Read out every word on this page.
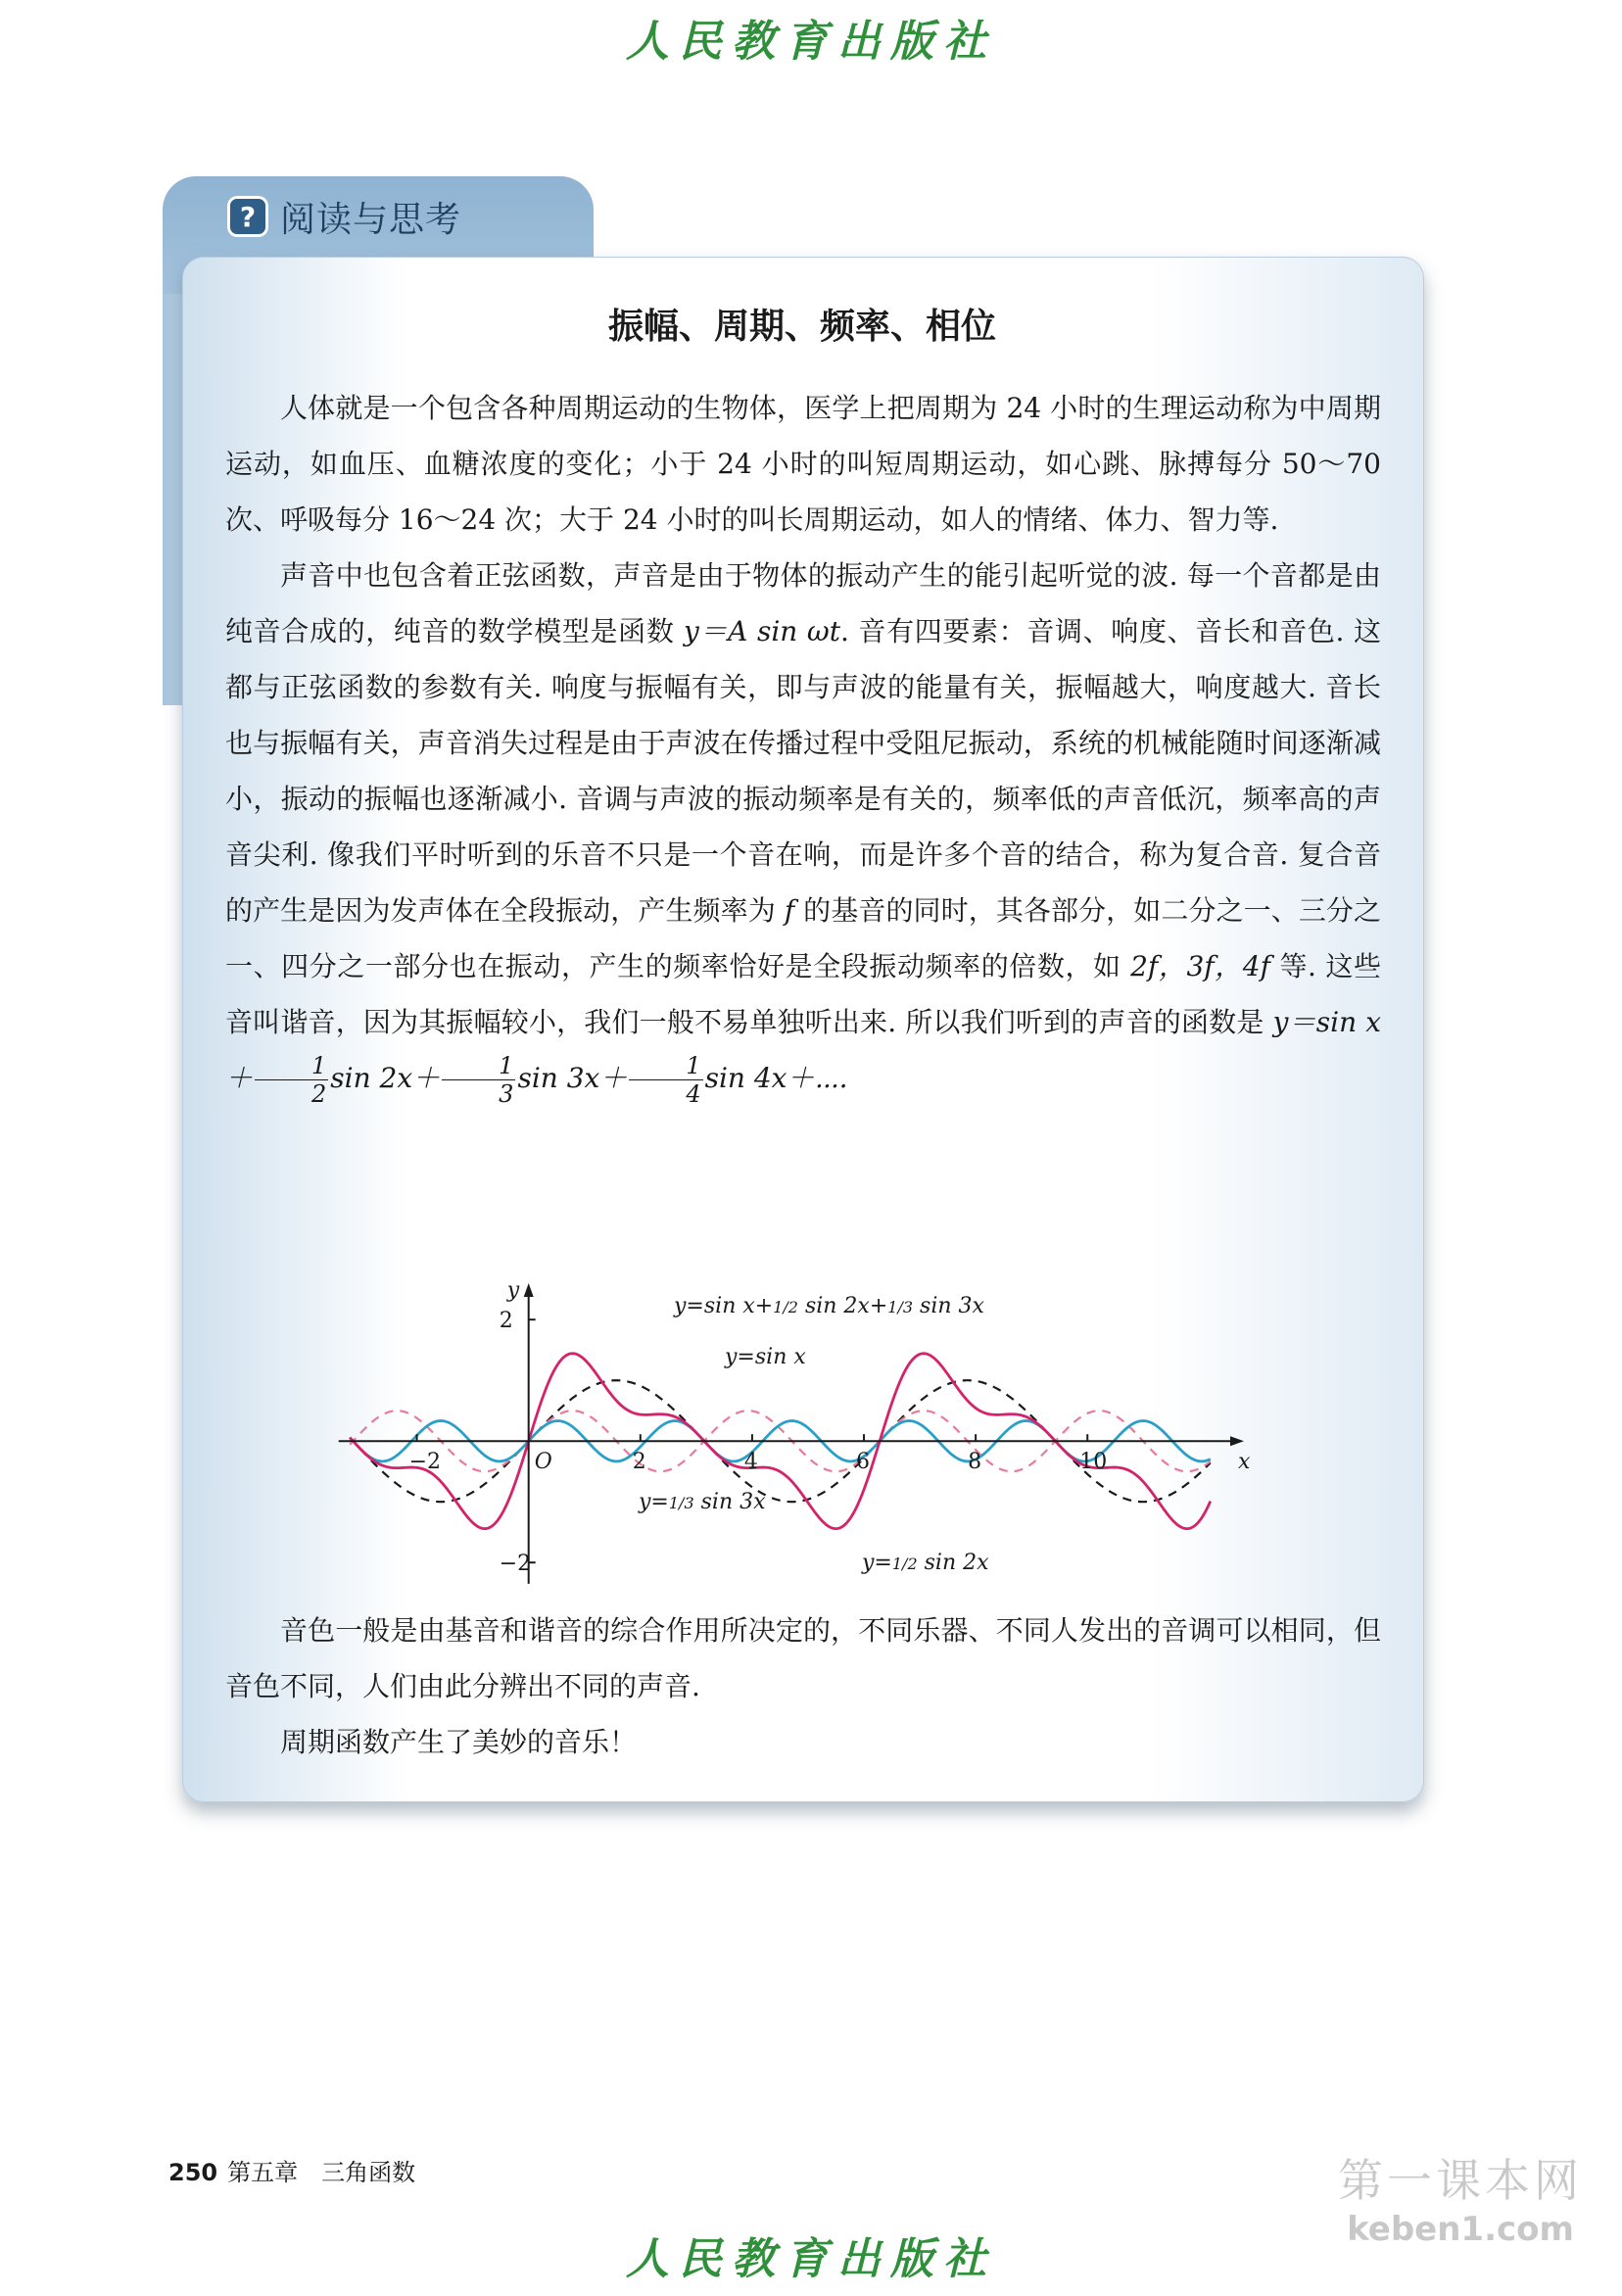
人民教育出版社
? 阅读与思考
振幅、周期、频率、相位

人体就是一个包含各种周期运动的生物体，医学上把周期为 24 小时的生理运动称为中周期运动，如血压、血糖浓度的变化；小于 24 小时的叫短周期运动，如心跳、脉搏每分 50～70 次、呼吸每分 16～24 次；大于 24 小时的叫长周期运动，如人的情绪、体力、智力等.

声音中也包含着正弦函数，声音是由于物体的振动产生的能引起听觉的波. 每一个音都是由纯音合成的，纯音的数学模型是函数 y＝A sin ωt. 音有四要素：音调、响度、音长和音色. 这都与正弦函数的参数有关. 响度与振幅有关，即与声波的能量有关，振幅越大，响度越大. 音长也与振幅有关，声音消失过程是由于声波在传播过程中受阻尼振动，系统的机械能随时间逐渐减小，振动的振幅也逐渐减小. 音调与声波的振动频率是有关的，频率低的声音低沉，频率高的声音尖利. 像我们平时听到的乐音不只是一个音在响，而是许多个音的结合，称为复合音. 复合音的产生是因为发声体在全段振动，产生频率为 f 的基音的同时，其各部分，如二分之一、三分之一、四分之一部分也在振动，产生的频率恰好是全段振动频率的倍数，如 2f，3f，4f 等. 这些音叫谐音，因为其振幅较小，我们一般不易单独听出来. 所以我们听到的声音的函数是 y＝sin $x+ \frac{1}{2}$ $\sin 2x+ \frac{1}{3}$ $\sin 3x+ \frac{1}{4}$ sin 4x＋⋯.

−2	2	4	6	8	10
2
−2
O	x
y
y=sin x+1/2 sin 2x+1/3 sin 3x
y=sin x
y=1/3 sin 3x
y=1/2 sin 2x

音色一般是由基音和谐音的综合作用所决定的，不同乐器、不同人发出的音调可以相同，但音色不同，人们由此分辨出不同的声音.

周期函数产生了美妙的音乐！

250 第五章　三角函数	第一课本网
keben1.com
人民教育出版社
